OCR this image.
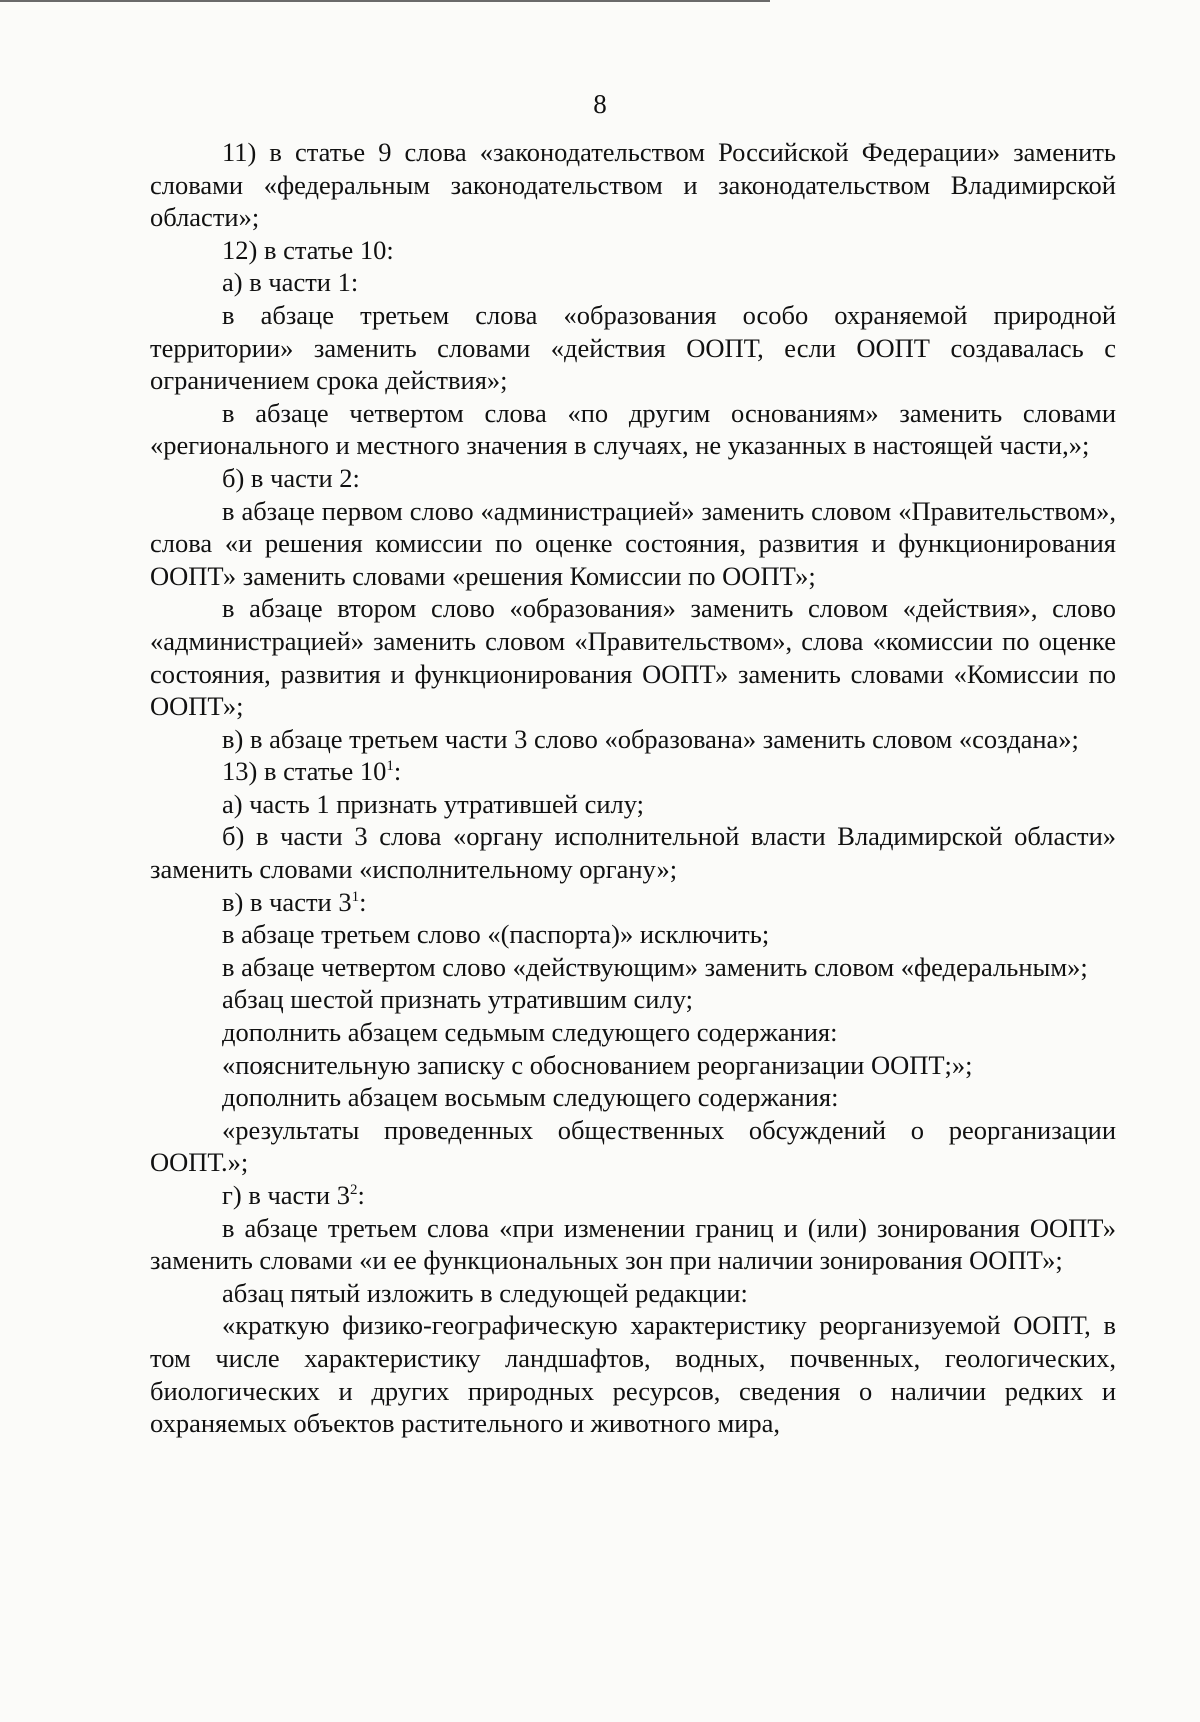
8

11) в статье 9 слова «законодательством Российской Федерации» заменить словами «федеральным законодательством и законодательством Владимирской области»;

12) в статье 10:

а) в части 1:

в абзаце третьем слова «образования особо охраняемой природной территории» заменить словами «действия ООПТ, если ООПТ создавалась с ограничением срока действия»;

в абзаце четвертом слова «по другим основаниям» заменить словами «регионального и местного значения в случаях, не указанных в настоящей части,»;

б) в части 2:

в абзаце первом слово «администрацией» заменить словом «Правительством», слова «и решения комиссии по оценке состояния, развития и функционирования ООПТ» заменить словами «решения Комиссии по ООПТ»;

в абзаце втором слово «образования» заменить словом «действия», слово «администрацией» заменить словом «Правительством», слова «комиссии по оценке состояния, развития и функционирования ООПТ» заменить словами «Комиссии по ООПТ»;

в) в абзаце третьем части 3 слово «образована» заменить словом «создана»;

13) в статье $10^1$:

а) часть 1 признать утратившей силу;

б) в части 3 слова «органу исполнительной власти Владимирской области» заменить словами «исполнительному органу»;

в) в части $3^1$:

в абзаце третьем слово «(паспорта)» исключить;

в абзаце четвертом слово «действующим» заменить словом «федеральным»;

абзац шестой признать утратившим силу;

дополнить абзацем седьмым следующего содержания:

«пояснительную записку с обоснованием реорганизации ООПТ;»;

дополнить абзацем восьмым следующего содержания:

«результаты проведенных общественных обсуждений о реорганизации ООПТ.»;

г) в части $3^2$:

в абзаце третьем слова «при изменении границ и (или) зонирования ООПТ» заменить словами «и ее функциональных зон при наличии зонирования ООПТ»;

абзац пятый изложить в следующей редакции:

«краткую физико-географическую характеристику реорганизуемой ООПТ, в том числе характеристику ландшафтов, водных, почвенных, геологических, биологических и других природных ресурсов, сведения о наличии редких и охраняемых объектов растительного и животного мира,
